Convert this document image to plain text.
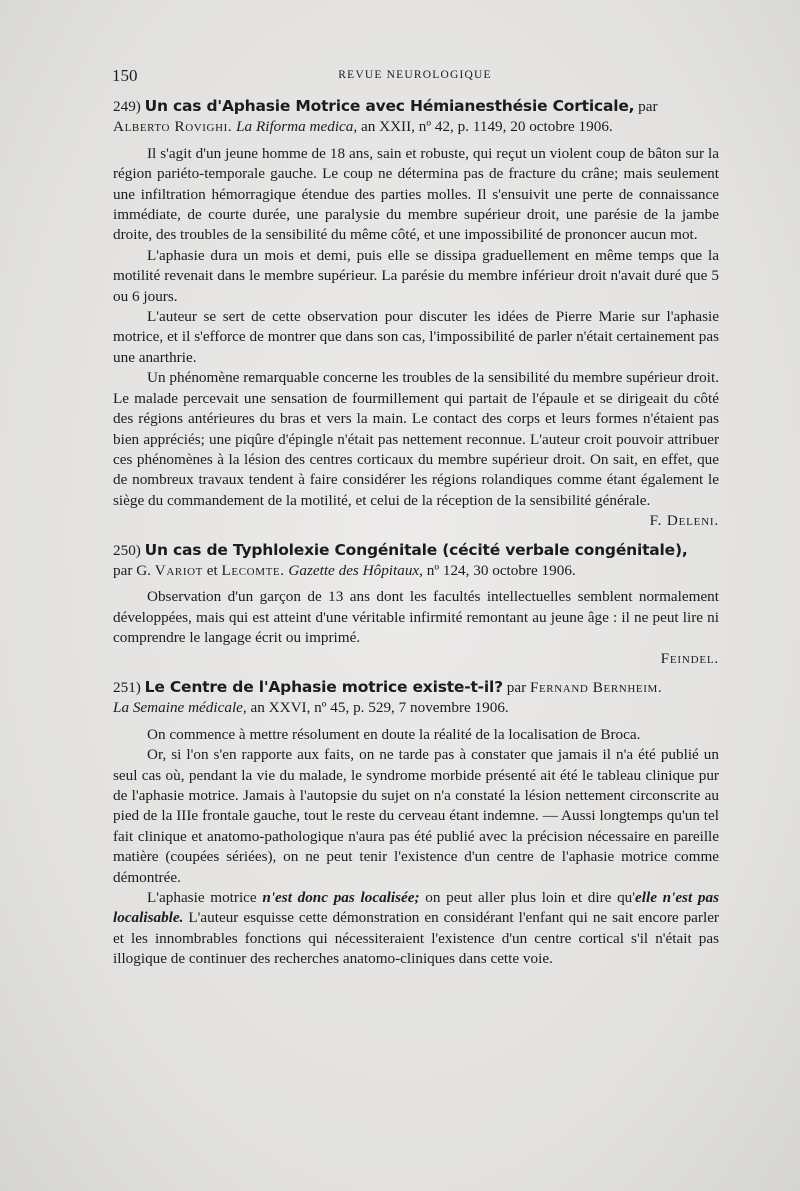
150	REVUE NEUROLOGIQUE

249) Un cas d'Aphasie Motrice avec Hémianesthésie Corticale, par

Alberto Rovighi. La Riforma medica, an XXII, nº 42, p. 1149, 20 octobre 1906.

Il s'agit d'un jeune homme de 18 ans, sain et robuste, qui reçut un violent coup de bâton sur la région pariéto-temporale gauche. Le coup ne détermina pas de fracture du crâne; mais seulement une infiltration hémorragique étendue des parties molles. Il s'ensuivit une perte de connaissance immédiate, de courte durée, une paralysie du membre supérieur droit, une parésie de la jambe droite, des troubles de la sensibilité du même côté, et une impossibilité de prononcer aucun mot.

L'aphasie dura un mois et demi, puis elle se dissipa graduellement en même temps que la motilité revenait dans le membre supérieur. La parésie du membre inférieur droit n'avait duré que 5 ou 6 jours.

L'auteur se sert de cette observation pour discuter les idées de Pierre Marie sur l'aphasie motrice, et il s'efforce de montrer que dans son cas, l'impossibilité de parler n'était certainement pas une anarthrie.

Un phénomène remarquable concerne les troubles de la sensibilité du membre supérieur droit. Le malade percevait une sensation de fourmillement qui partait de l'épaule et se dirigeait du côté des régions antérieures du bras et vers la main. Le contact des corps et leurs formes n'étaient pas bien appréciés; une piqûre d'épingle n'était pas nettement reconnue. L'auteur croit pouvoir attribuer ces phénomènes à la lésion des centres corticaux du membre supérieur droit. On sait, en effet, que de nombreux travaux tendent à faire considérer les régions rolandiques comme étant également le siège du commandement de la motilité, et celui de la réception de la sensibilité générale.

F. Deleni.

250) Un cas de Typhlolexie Congénitale (cécité verbale congénitale),

par G. Variot et Lecomte. Gazette des Hôpitaux, nº 124, 30 octobre 1906.

Observation d'un garçon de 13 ans dont les facultés intellectuelles semblent normalement développées, mais qui est atteint d'une véritable infirmité remontant au jeune âge : il ne peut lire ni comprendre le langage écrit ou imprimé.

Feindel.

251) Le Centre de l'Aphasie motrice existe-t-il? par Fernand Bernheim.

La Semaine médicale, an XXVI, nº 45, p. 529, 7 novembre 1906.

On commence à mettre résolument en doute la réalité de la localisation de Broca.

Or, si l'on s'en rapporte aux faits, on ne tarde pas à constater que jamais il n'a été publié un seul cas où, pendant la vie du malade, le syndrome morbide présenté ait été le tableau clinique pur de l'aphasie motrice. Jamais à l'autopsie du sujet on n'a constaté la lésion nettement circonscrite au pied de la IIIe frontale gauche, tout le reste du cerveau étant indemne. — Aussi longtemps qu'un tel fait clinique et anatomo-pathologique n'aura pas été publié avec la précision nécessaire en pareille matière (coupées sériées), on ne peut tenir l'existence d'un centre de l'aphasie motrice comme démontrée.

L'aphasie motrice n'est donc pas localisée; on peut aller plus loin et dire qu'elle n'est pas localisable. L'auteur esquisse cette démonstration en considérant l'enfant qui ne sait encore parler et les innombrables fonctions qui nécessiteraient l'existence d'un centre cortical s'il n'était pas illogique de continuer des recherches anatomo-cliniques dans cette voie.
